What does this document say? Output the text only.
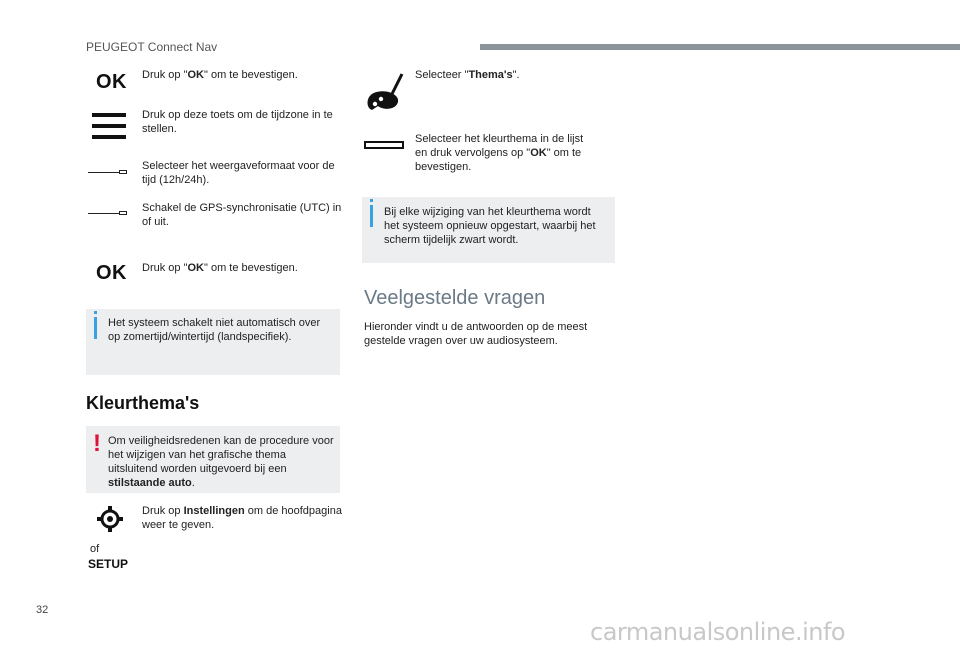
PEUGEOT Connect Nav
OK Druk op "OK" om te bevestigen.
Druk op deze toets om de tijdzone in te stellen.
Selecteer het weergaveformaat voor de tijd (12h/24h).
Schakel de GPS-synchronisatie (UTC) in of uit.
OK Druk op "OK" om te bevestigen.
Het systeem schakelt niet automatisch over op zomertijd/wintertijd (landspecifiek).
Kleurthema's
! Om veiligheidsredenen kan de procedure voor het wijzigen van het grafische thema uitsluitend worden uitgevoerd bij een stilstaande auto.
Druk op Instellingen om de hoofdpagina weer te geven.
of
SETUP
Selecteer "Thema's".
Selecteer het kleurthema in de lijst en druk vervolgens op "OK" om te bevestigen.
Bij elke wijziging van het kleurthema wordt het systeem opnieuw opgestart, waarbij het scherm tijdelijk zwart wordt.
Veelgestelde vragen
Hieronder vindt u de antwoorden op de meest gestelde vragen over uw audiosysteem.
32
carmanualsonline.info
